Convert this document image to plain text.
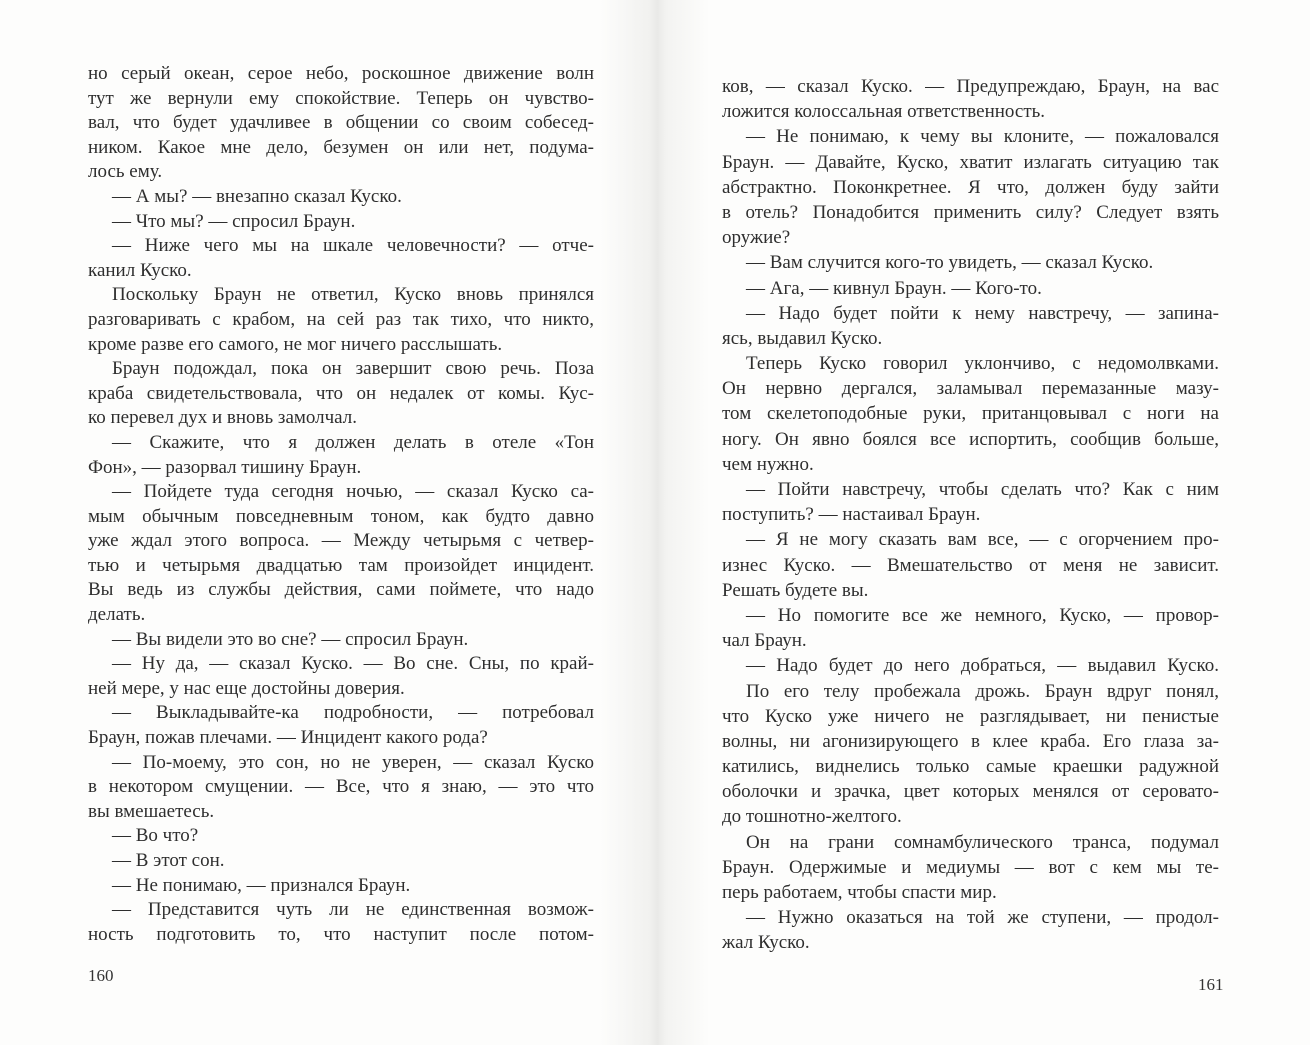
но серый океан, серое небо, роскошное движение волн
тут же вернули ему спокойствие. Теперь он чувство-
вал, что будет удачливее в общении со своим собесед-
ником. Какое мне дело, безумен он или нет, подума-
лось ему.
— А мы? — внезапно сказал Куско.
— Что мы? — спросил Браун.
— Ниже чего мы на шкале человечности? — отче-
канил Куско.
Поскольку Браун не ответил, Куско вновь принялся
разговаривать с крабом, на сей раз так тихо, что никто,
кроме разве его самого, не мог ничего расслышать.
Браун подождал, пока он завершит свою речь. Поза
краба свидетельствовала, что он недалек от комы. Кус-
ко перевел дух и вновь замолчал.
— Скажите, что я должен делать в отеле «Тон
Фон», — разорвал тишину Браун.
— Пойдете туда сегодня ночью, — сказал Куско са-
мым обычным повседневным тоном, как будто давно
уже ждал этого вопроса. — Между четырьмя с четвер-
тью и четырьмя двадцатью там произойдет инцидент.
Вы ведь из службы действия, сами поймете, что надо
делать.
— Вы видели это во сне? — спросил Браун.
— Ну да, — сказал Куско. — Во сне. Сны, по край-
ней мере, у нас еще достойны доверия.
— Выкладывайте-ка подробности, — потребовал
Браун, пожав плечами. — Инцидент какого рода?
— По-моему, это сон, но не уверен, — сказал Куско
в некотором смущении. — Все, что я знаю, — это что
вы вмешаетесь.
— Во что?
— В этот сон.
— Не понимаю, — признался Браун.
— Представится чуть ли не единственная возмож-
ность подготовить то, что наступит после потом-
ков, — сказал Куско. — Предупреждаю, Браун, на вас
ложится колоссальная ответственность.
— Не понимаю, к чему вы клоните, — пожаловался
Браун. — Давайте, Куско, хватит излагать ситуацию так
абстрактно. Поконкретнее. Я что, должен буду зайти
в отель? Понадобится применить силу? Следует взять
оружие?
— Вам случится кого-то увидеть, — сказал Куско.
— Ага, — кивнул Браун. — Кого-то.
— Надо будет пойти к нему навстречу, — запина-
ясь, выдавил Куско.
Теперь Куско говорил уклончиво, с недомолвками.
Он нервно дергался, заламывал перемазанные мазу-
том скелетоподобные руки, пританцовывал с ноги на
ногу. Он явно боялся все испортить, сообщив больше,
чем нужно.
— Пойти навстречу, чтобы сделать что? Как с ним
поступить? — настаивал Браун.
— Я не могу сказать вам все, — с огорчением про-
изнес Куско. — Вмешательство от меня не зависит.
Решать будете вы.
— Но помогите все же немного, Куско, — провор-
чал Браун.
— Надо будет до него добраться, — выдавил Куско.
По его телу пробежала дрожь. Браун вдруг понял,
что Куско уже ничего не разглядывает, ни пенистые
волны, ни агонизирующего в клее краба. Его глаза за-
катились, виднелись только самые краешки радужной
оболочки и зрачка, цвет которых менялся от серовато-
до тошнотно-желтого.
Он на грани сомнамбулического транса, подумал
Браун. Одержимые и медиумы — вот с кем мы те-
перь работаем, чтобы спасти мир.
— Нужно оказаться на той же ступени, — продол-
жал Куско.
160	161
